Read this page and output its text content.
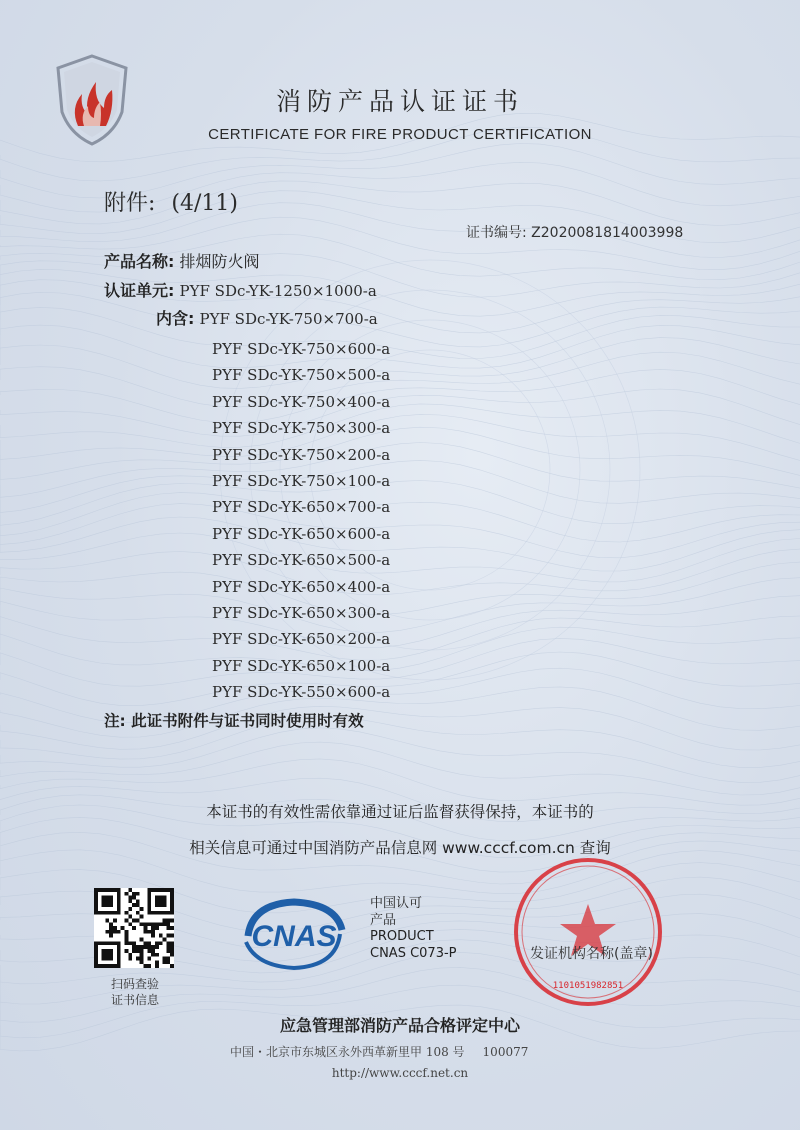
消防产品认证证书
CERTIFICATE FOR FIRE PRODUCT CERTIFICATION
附件: (4/11)
证书编号: Z2020081814003998
产品名称: 排烟防火阀
认证单元: PYF SDc-YK-1250×1000-a
内含: PYF SDc-YK-750×700-a
PYF SDc-YK-750×600-a
PYF SDc-YK-750×500-a
PYF SDc-YK-750×400-a
PYF SDc-YK-750×300-a
PYF SDc-YK-750×200-a
PYF SDc-YK-750×100-a
PYF SDc-YK-650×700-a
PYF SDc-YK-650×600-a
PYF SDc-YK-650×500-a
PYF SDc-YK-650×400-a
PYF SDc-YK-650×300-a
PYF SDc-YK-650×200-a
PYF SDc-YK-650×100-a
PYF SDc-YK-550×600-a
注: 此证书附件与证书同时使用时有效
本证书的有效性需依靠通过证后监督获得保持，本证书的
相关信息可通过中国消防产品信息网 www.cccf.com.cn 查询
扫码查验
证书信息
CNAS
中国认可
产品
PRODUCT
CNAS C073-P
1101051982851
发证机构名称(盖章)
应急管理部消防产品合格评定中心
中国・北京市东城区永外西革新里甲 108 号 100077
http://www.cccf.net.cn
